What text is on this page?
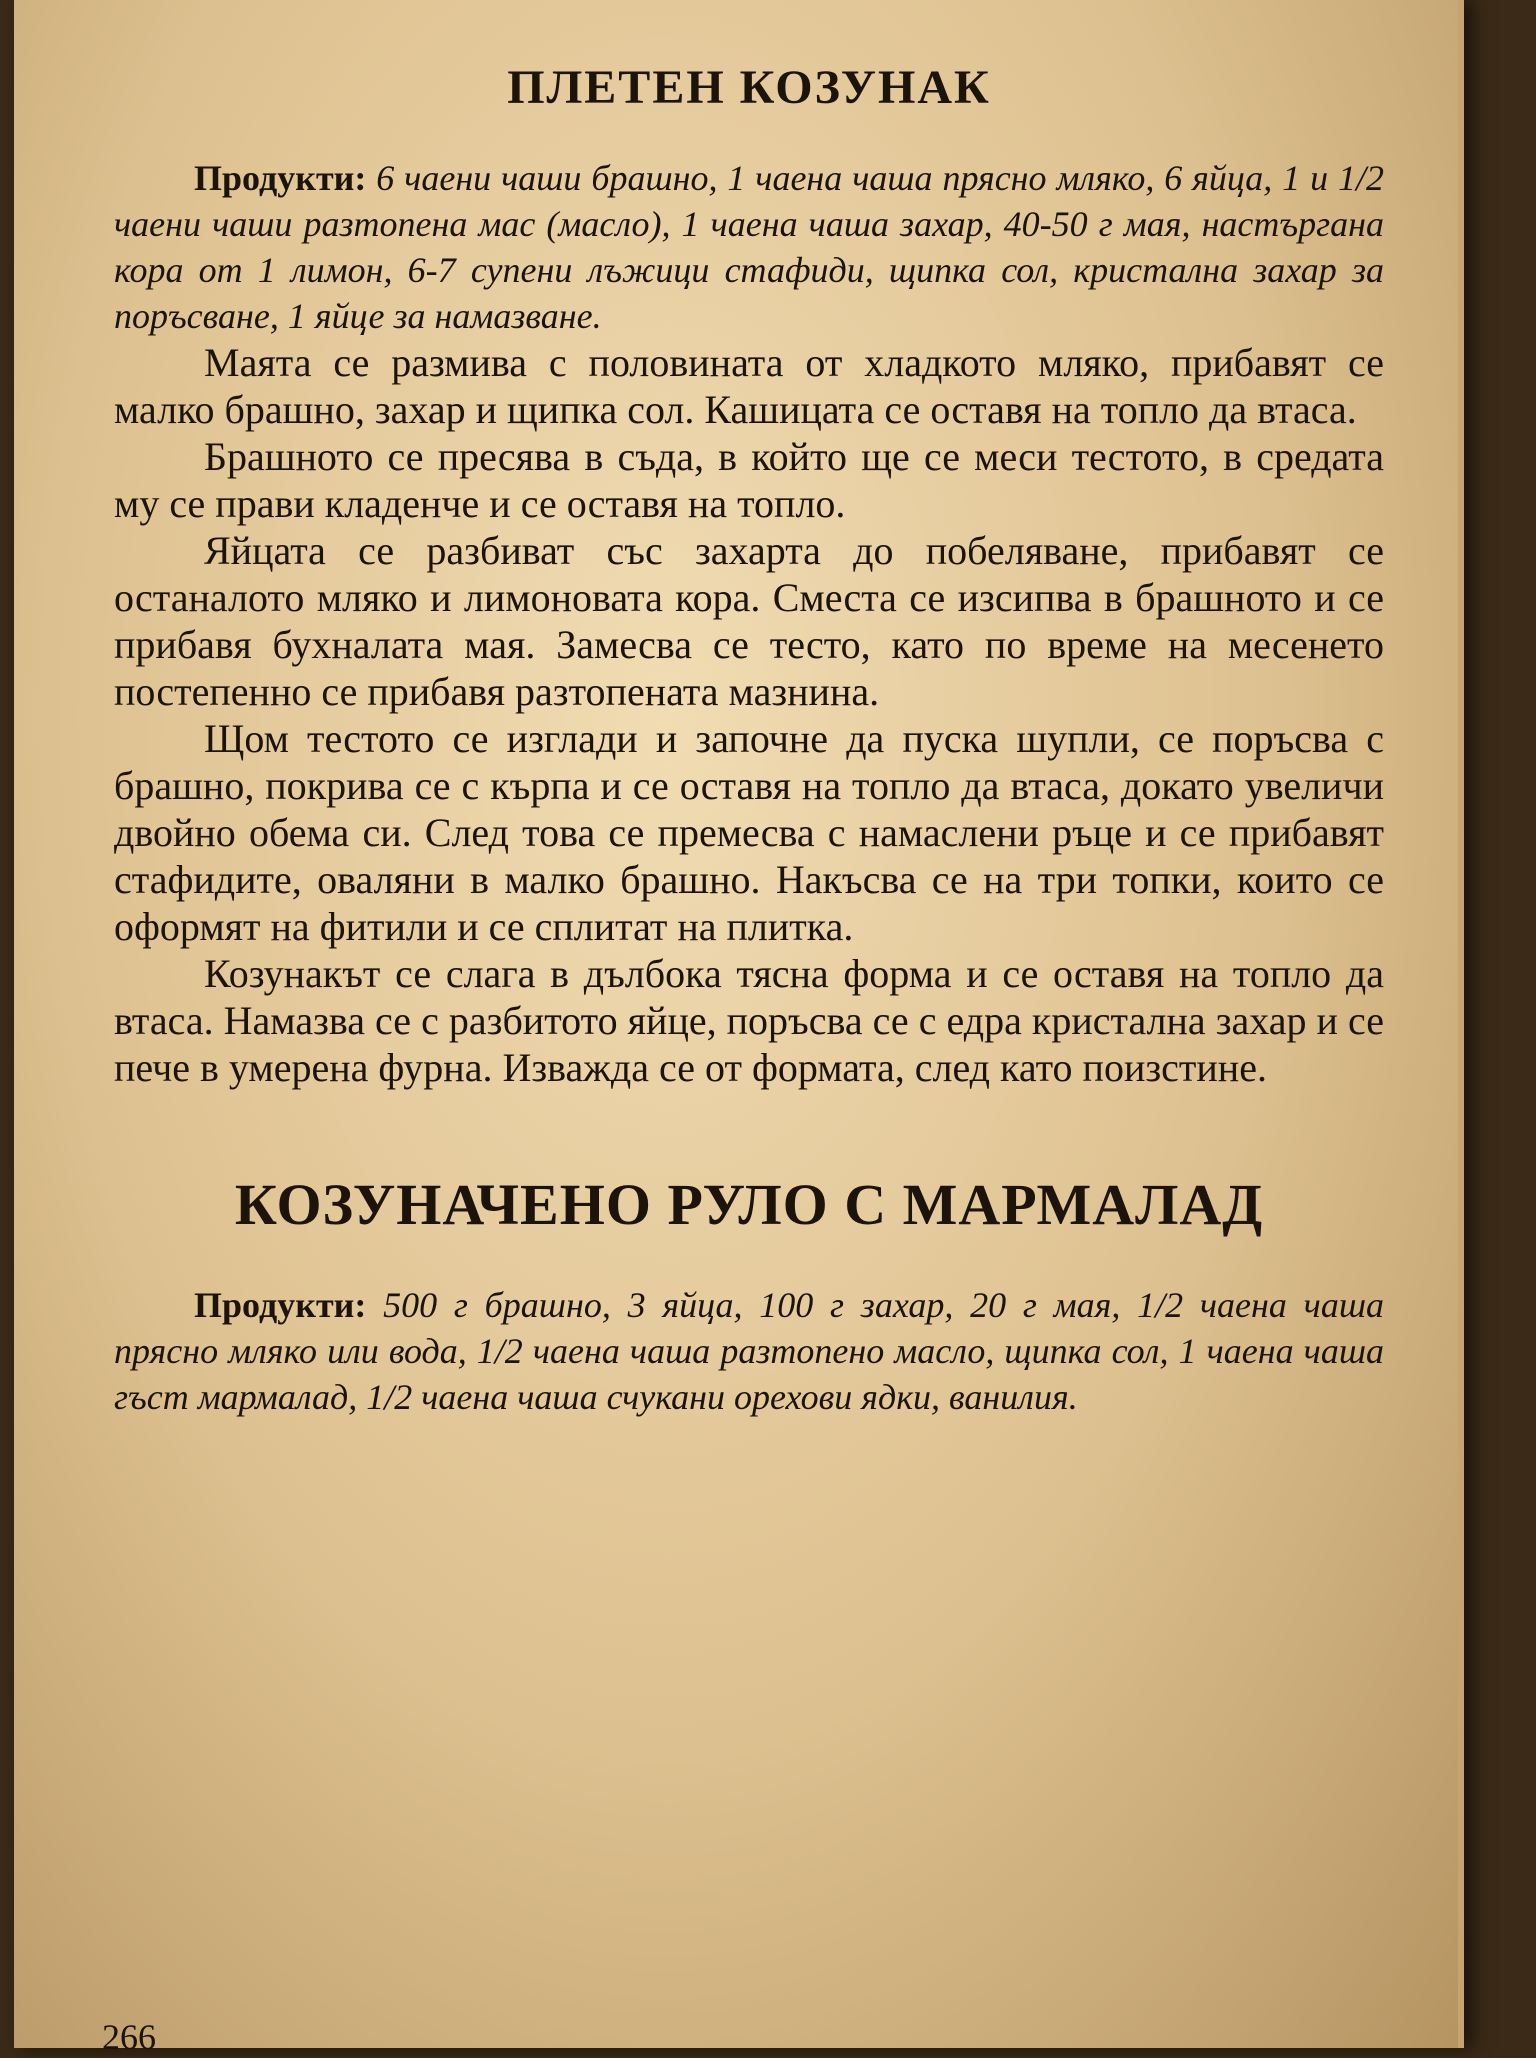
ПЛЕТЕН КОЗУНАК

Продукти: 6 чаени чаши брашно, 1 чаена чаша прясно мляко, 6 яйца, 1 и 1/2 чаени чаши разтопена мас (масло), 1 чаена чаша захар, 40-50 г мая, настъргана кора от 1 лимон, 6-7 супени лъжици стафиди, щипка сол, кристална захар за поръсване, 1 яйце за намазване.

Маята се размива с половината от хладкото мляко, прибавят се малко брашно, захар и щипка сол. Кашицата се оставя на топло да втаса.

Брашното се пресява в съда, в който ще се меси тестото, в средата му се прави кладенче и се оставя на топло.

Яйцата се разбиват със захарта до побеляване, прибавят се останалото мляко и лимоновата кора. Сместа се изсипва в брашното и се прибавя бухналата мая. Замесва се тесто, като по време на месенето постепенно се прибавя разтопената мазнина.

Щом тестото се изглади и започне да пуска шупли, се поръсва с брашно, покрива се с кърпа и се оставя на топло да втаса, докато увеличи двойно обема си. След това се премесва с намаслени ръце и се прибавят стафидите, оваляни в малко брашно. Накъсва се на три топки, които се оформят на фитили и се сплитат на плитка.

Козунакът се слага в дълбока тясна форма и се оставя на топло да втаса. Намазва се с разбитото яйце, поръсва се с едра кристална захар и се пече в умерена фурна. Изважда се от формата, след като поизстине.

КОЗУНАЧЕНО РУЛО С МАРМАЛАД

Продукти: 500 г брашно, 3 яйца, 100 г захар, 20 г мая, 1/2 чаена чаша прясно мляко или вода, 1/2 чаена чаша разтопено масло, щипка сол, 1 чаена чаша гъст мармалад, 1/2 чаена чаша счукани орехови ядки, ванилия.

266
